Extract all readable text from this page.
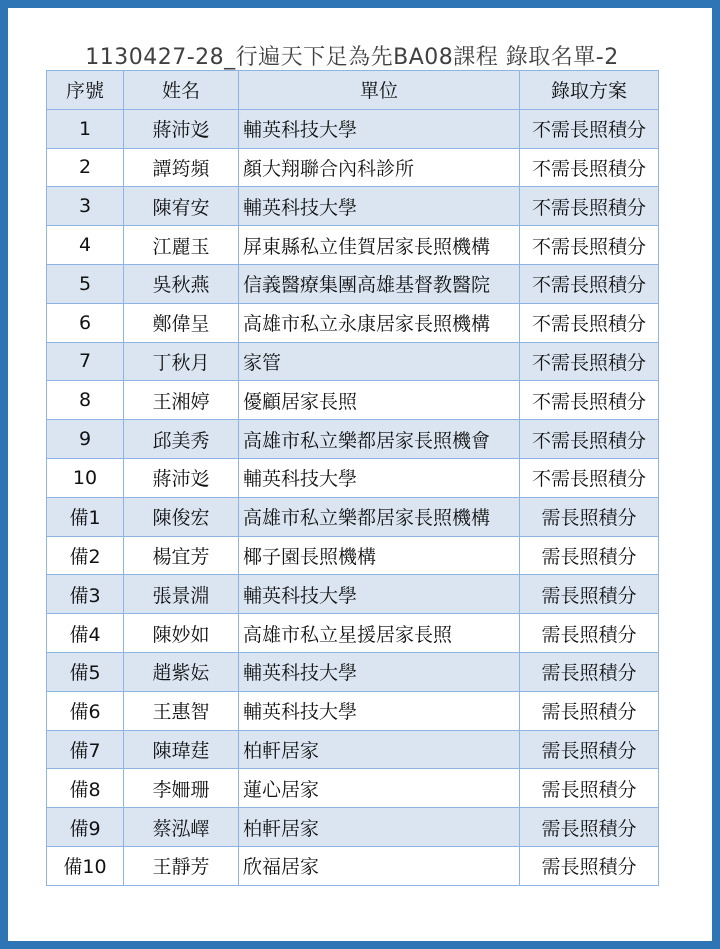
1130427-28_行遍天下足為先BA08課程 錄取名單-2
序號	姓名	單位	錄取方案
1	蔣沛彣	輔英科技大學	不需長照積分
2	譚筠頻	顏大翔聯合內科診所	不需長照積分
3	陳宥安	輔英科技大學	不需長照積分
4	江麗玉	屏東縣私立佳賀居家長照機構	不需長照積分
5	吳秋燕	信義醫療集團高雄基督教醫院	不需長照積分
6	鄭偉呈	高雄市私立永康居家長照機構	不需長照積分
7	丁秋月	家管	不需長照積分
8	王湘婷	優顧居家長照	不需長照積分
9	邱美秀	高雄市私立樂都居家長照機會	不需長照積分
10	蔣沛彣	輔英科技大學	不需長照積分
備1	陳俊宏	高雄市私立樂都居家長照機構	需長照積分
備2	楊宜芳	椰子園長照機構	需長照積分
備3	張景淵	輔英科技大學	需長照積分
備4	陳妙如	高雄市私立星援居家長照	需長照積分
備5	趙紫妘	輔英科技大學	需長照積分
備6	王惠智	輔英科技大學	需長照積分
備7	陳瑋莛	柏軒居家	需長照積分
備8	李姍珊	蓮心居家	需長照積分
備9	蔡泓嶧	柏軒居家	需長照積分
備10	王靜芳	欣福居家	需長照積分
